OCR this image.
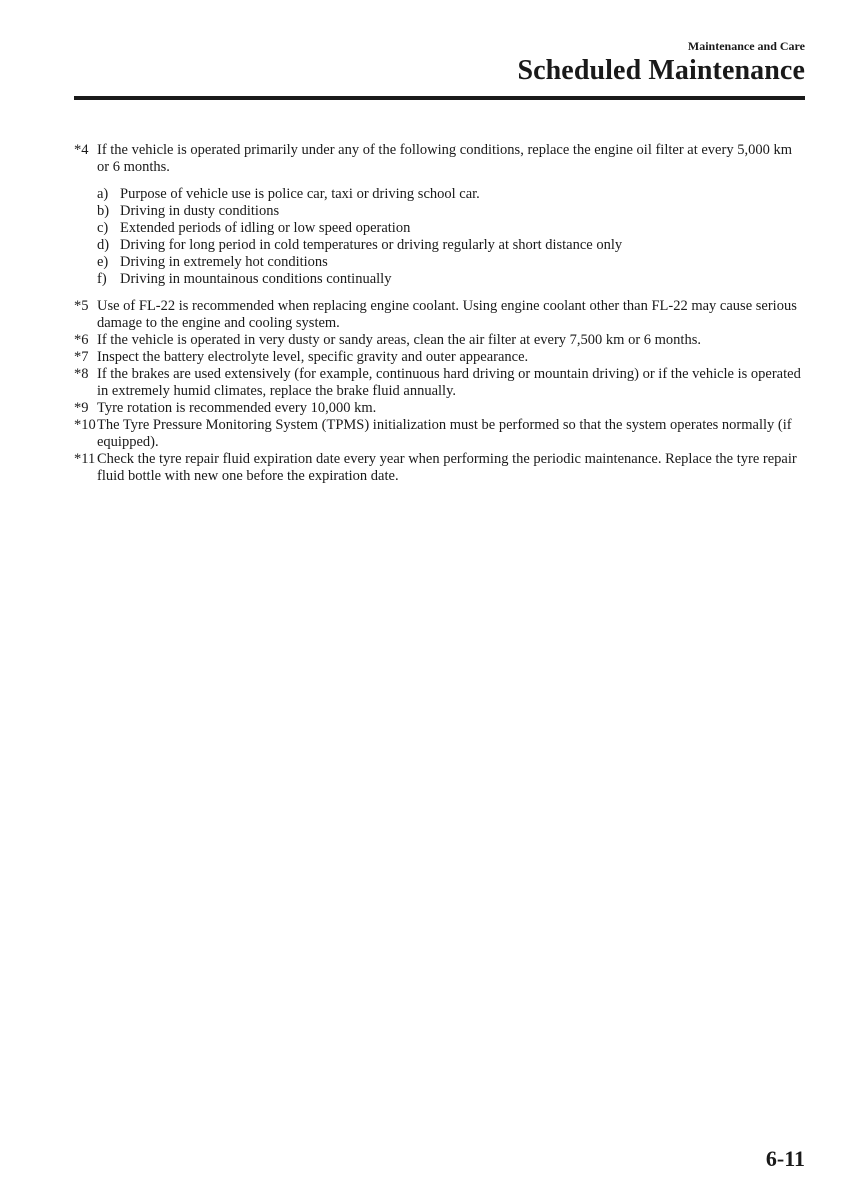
Maintenance and Care
Scheduled Maintenance
*4 If the vehicle is operated primarily under any of the following conditions, replace the engine oil filter at every 5,000 km or 6 months.
a) Purpose of vehicle use is police car, taxi or driving school car.
b) Driving in dusty conditions
c) Extended periods of idling or low speed operation
d) Driving for long period in cold temperatures or driving regularly at short distance only
e) Driving in extremely hot conditions
f) Driving in mountainous conditions continually
*5 Use of FL-22 is recommended when replacing engine coolant. Using engine coolant other than FL-22 may cause serious damage to the engine and cooling system.
*6 If the vehicle is operated in very dusty or sandy areas, clean the air filter at every 7,500 km or 6 months.
*7 Inspect the battery electrolyte level, specific gravity and outer appearance.
*8 If the brakes are used extensively (for example, continuous hard driving or mountain driving) or if the vehicle is operated in extremely humid climates, replace the brake fluid annually.
*9 Tyre rotation is recommended every 10,000 km.
*10 The Tyre Pressure Monitoring System (TPMS) initialization must be performed so that the system operates normally (if equipped).
*11 Check the tyre repair fluid expiration date every year when performing the periodic maintenance. Replace the tyre repair fluid bottle with new one before the expiration date.
6-11
